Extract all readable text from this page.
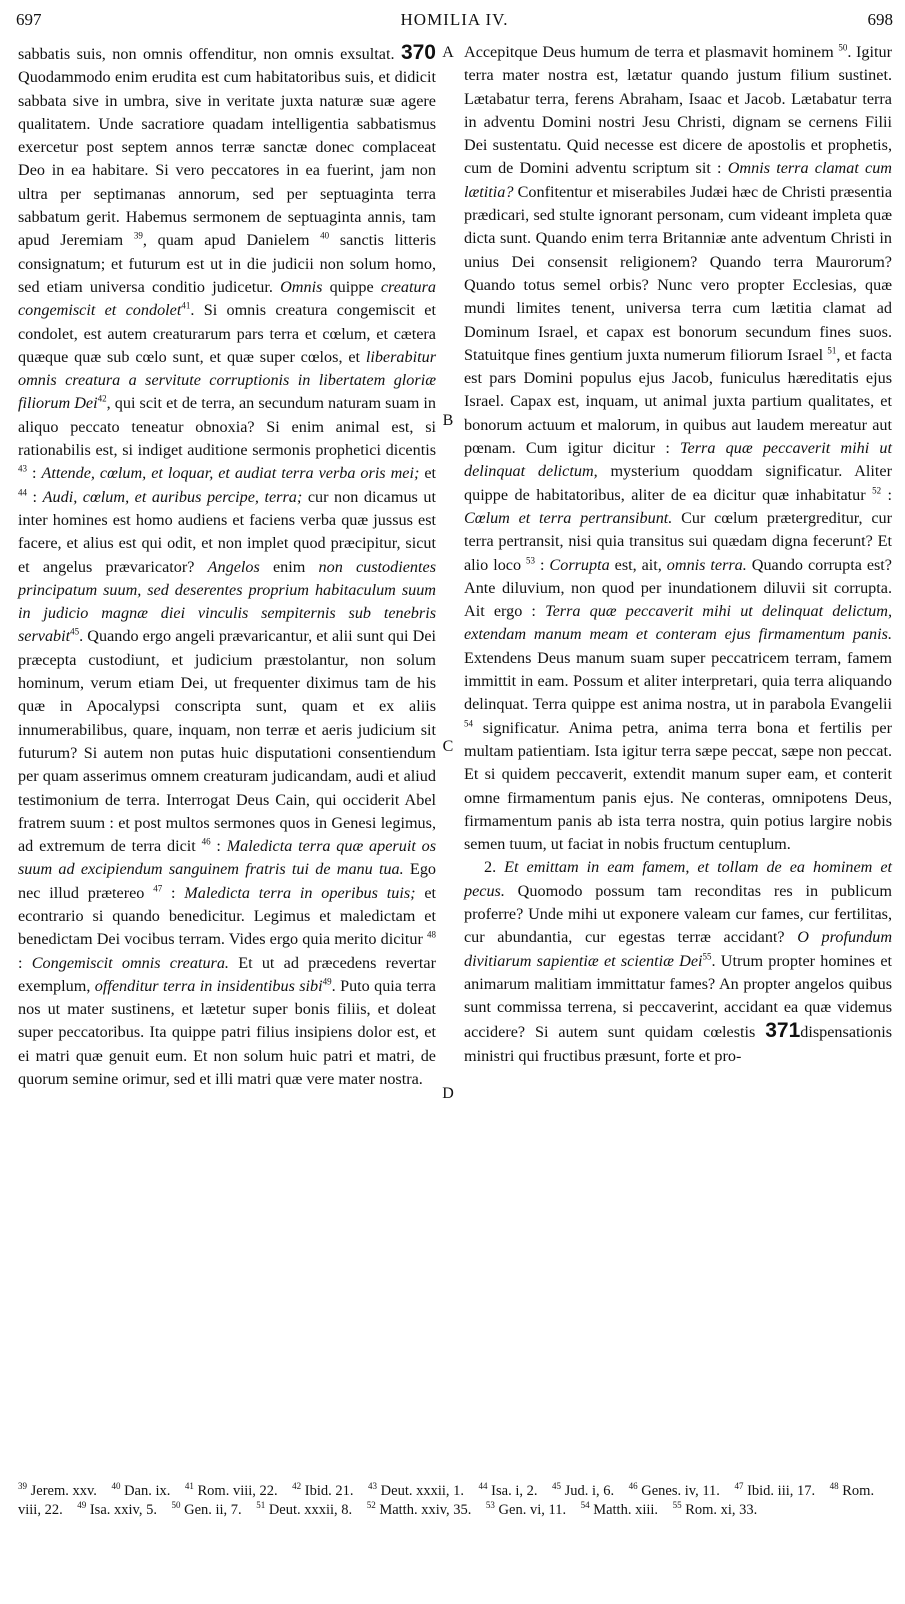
697	HOMILIA IV.	698

sabbatis suis, non omnis offenditur, non omnis exsultat. 370 Quodammodo enim erudita est cum habitatoribus suis, et didicit sabbata sive in umbra, sive in veritate juxta naturæ suæ agere qualitatem. Unde sacratiore quadam intelligentia sabbatismus exercetur post septem annos terræ sanctæ donec complaceat Deo in ea habitare. Si vero peccatores in ea fuerint, jam non ultra per septimanas annorum, sed per septuaginta terra sabbatum gerit. Habemus sermonem de septuaginta annis, tam apud Jeremiam $^{39}$, quam apud Danielem $^{40}$ sanctis litteris consignatum; et futurum est ut in die judicii non solum homo, sed etiam universa conditio judicetur. Omnis quippe creatura congemiscit et condolet$^{41}$. Si omnis creatura congemiscit et condolet, est autem creaturarum pars terra et cœlum, et cætera quæque quæ sub cœlo sunt, et quæ super cœlos, et liberabitur omnis creatura a servitute corruptionis in libertatem gloriæ filiorum Dei$^{42}$, qui scit et de terra, an secundum naturam suam in aliquo peccato teneatur obnoxia? Si enim animal est, si rationabilis est, si indiget auditione sermonis prophetici dicentis $^{43}$ : Attende, cœlum, et loquar, et audiat terra verba oris mei; et $^{44}$ : Audi, cœlum, et auribus percipe, terra; cur non dicamus ut inter homines est homo audiens et faciens verba quæ jussus est facere, et alius est qui odit, et non implet quod præcipitur, sicut et angelus prævaricator? Angelos enim non custodientes principatum suum, sed deserentes proprium habitaculum suum in judicio magnæ diei vinculis sempiternis sub tenebris servabit$^{45}$. Quando ergo angeli prævaricantur, et alii sunt qui Dei præcepta custodiunt, et judicium præstolantur, non solum hominum, verum etiam Dei, ut frequenter diximus tam de his quæ in Apocalypsi conscripta sunt, quam et ex aliis innumerabilibus, quare, inquam, non terræ et aeris judicium sit futurum? Si autem non putas huic disputationi consentiendum per quam asserimus omnem creaturam judicandam, audi et aliud testimonium de terra. Interrogat Deus Cain, qui occiderit Abel fratrem suum : et post multos sermones quos in Genesi legimus, ad extremum de terra dicit $^{46}$ : Maledicta terra quæ aperuit os suum ad excipiendum sanguinem fratris tui de manu tua. Ego nec illud prætereo $^{47}$ : Maledicta terra in operibus tuis; et econtrario si quando benedicitur. Legimus et maledictam et benedictam Dei vocibus terram. Vides ergo quia merito dicitur $^{48}$ : Congemiscit omnis creatura. Et ut ad præcedens revertar exemplum, offenditur terra in insidentibus sibi$^{49}$. Puto quia terra nos ut mater sustinens, et lætetur super bonis filiis, et doleat super peccatoribus. Ita quippe patri filius insipiens dolor est, et ei matri quæ genuit eum. Et non solum huic patri et matri, de quorum semine orimur, sed et illi matri quæ vere mater nostra.

A
B
C
D

Accepitque Deus humum de terra et plasmavit hominem $^{50}$. Igitur terra mater nostra est, lætatur quando justum filium sustinet. Lætabatur terra, ferens Abraham, Isaac et Jacob. Lætabatur terra in adventu Domini nostri Jesu Christi, dignam se cernens Filii Dei sustentatu. Quid necesse est dicere de apostolis et prophetis, cum de Domini adventu scriptum sit : Omnis terra clamat cum lætitia? Confitentur et miserabiles Judæi hæc de Christi præsentia prædicari, sed stulte ignorant personam, cum videant impleta quæ dicta sunt. Quando enim terra Britanniæ ante adventum Christi in unius Dei consensit religionem? Quando terra Maurorum? Quando totus semel orbis? Nunc vero propter Ecclesias, quæ mundi limites tenent, universa terra cum lætitia clamat ad Dominum Israel, et capax est bonorum secundum fines suos. Statuitque fines gentium juxta numerum filiorum Israel $^{51}$, et facta est pars Domini populus ejus Jacob, funiculus hæreditatis ejus Israel. Capax est, inquam, ut animal juxta partium qualitates, et bonorum actuum et malorum, in quibus aut laudem mereatur aut pœnam. Cum igitur dicitur : Terra quæ peccaverit mihi ut delinquat delictum, mysterium quoddam significatur. Aliter quippe de habitatoribus, aliter de ea dicitur quæ inhabitatur $^{52}$ : Cœlum et terra pertransibunt. Cur cœlum prætergreditur, cur terra pertransit, nisi quia transitus sui quædam digna fecerunt? Et alio loco $^{53}$ : Corrupta est, ait, omnis terra. Quando corrupta est? Ante diluvium, non quod per inundationem diluvii sit corrupta. Ait ergo : Terra quæ peccaverit mihi ut delinquat delictum, extendam manum meam et conteram ejus firmamentum panis. Extendens Deus manum suam super peccatricem terram, famem immittit in eam. Possum et aliter interpretari, quia terra aliquando delinquat. Terra quippe est anima nostra, ut in parabola Evangelii $^{54}$ significatur. Anima petra, anima terra bona et fertilis per multam patientiam. Ista igitur terra sæpe peccat, sæpe non peccat. Et si quidem peccaverit, extendit manum super eam, et conterit omne firmamentum panis ejus. Ne conteras, omnipotens Deus, firmamentum panis ab ista terra nostra, quin potius largire nobis semen tuum, ut faciat in nobis fructum centuplum.

2. Et emittam in eam famem, et tollam de ea hominem et pecus. Quomodo possum tam reconditas res in publicum proferre? Unde mihi ut exponere valeam cur fames, cur fertilitas, cur abundantia, cur egestas terræ accidant? O profundum divitiarum sapientiæ et scientiæ Dei$^{55}$. Utrum propter homines et animarum malitiam immittatur fames? An propter angelos quibus sunt commissa terrena, si peccaverint, accidant ea quæ videmus accidere? Si autem sunt quidam cœlestis 371dispensationis ministri qui fructibus præsunt, forte et pro-

$^{39}$ Jerem. xxv.  $^{40}$ Dan. ix.  $^{41}$ Rom. viii, 22.  $^{42}$ Ibid. 21.  $^{43}$ Deut. xxxii, 1.  $^{44}$ Isa. i, 2.  $^{45}$ Jud. i, 6.  $^{46}$ Genes. iv, 11.  $^{47}$ Ibid. iii, 17.  $^{48}$ Rom. viii, 22.  $^{49}$ Isa. xxiv, 5.  $^{50}$ Gen. ii, 7.  $^{51}$ Deut. xxxii, 8.  $^{52}$ Matth. xxiv, 35.  $^{53}$ Gen. vi, 11.  $^{54}$ Matth. xiii.  $^{55}$ Rom. xi, 33. 
